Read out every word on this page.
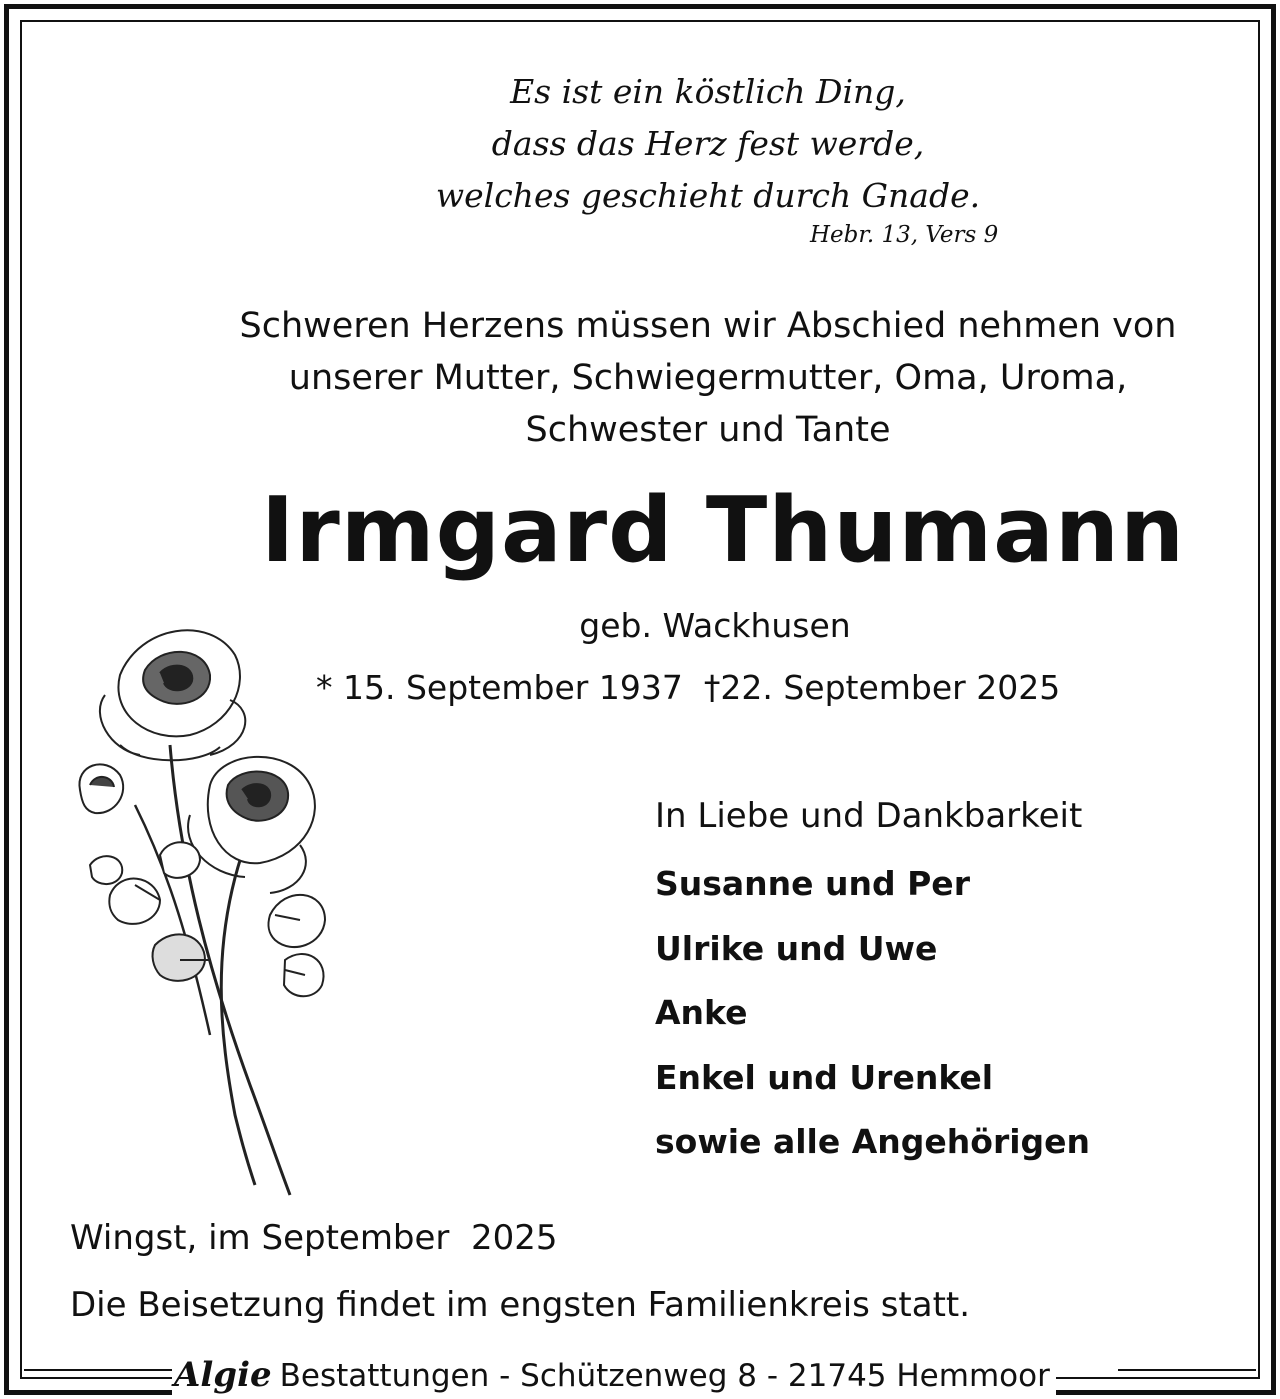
Es ist ein köstlich Ding,
dass das Herz fest werde,
welches geschieht durch Gnade.
Hebr. 13, Vers 9
Schweren Herzens müssen wir Abschied nehmen von
unserer Mutter, Schwiegermutter, Oma, Uroma,
Schwester und Tante
Irmgard Thumann
geb. Wackhusen
* 15. September 1937 †22. September 2025
In Liebe und Dankbarkeit
Susanne und Per
Ulrike und Uwe
Anke
Enkel und Urenkel
sowie alle Angehörigen
Wingst, im September  2025
Die Beisetzung findet im engsten Familienkreis statt.
Algie Bestattungen - Schützenweg 8 - 21745 Hemmoor
